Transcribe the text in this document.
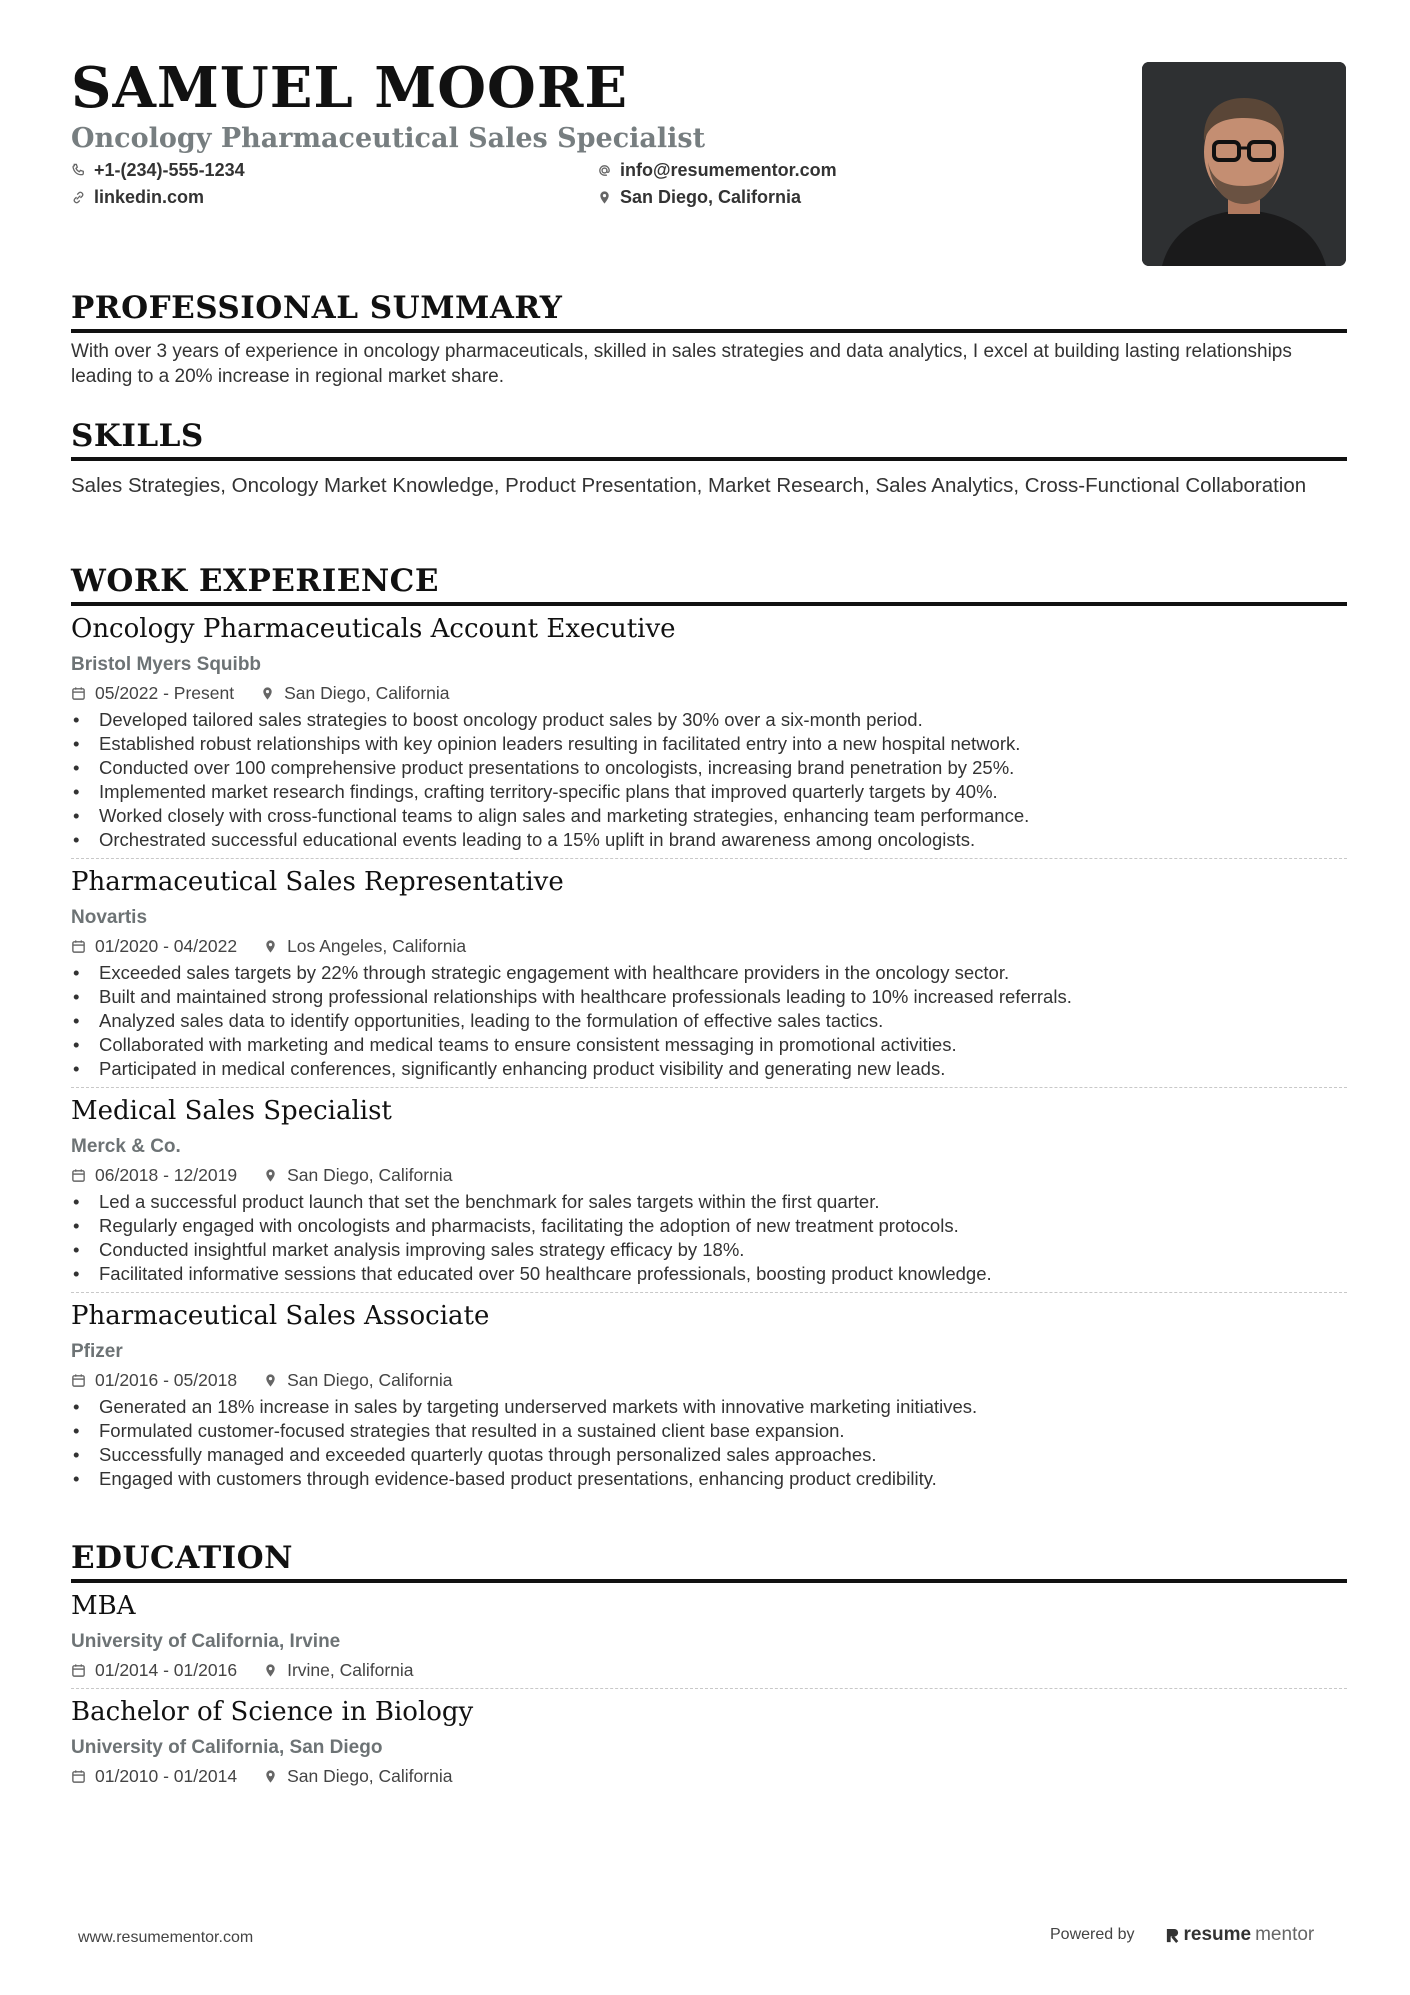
SAMUEL MOORE
Oncology Pharmaceutical Sales Specialist
+1-(234)-555-1234
linkedin.com
info@resumementor.com
San Diego, California
PROFESSIONAL SUMMARY

With over 3 years of experience in oncology pharmaceuticals, skilled in sales strategies and data analytics, I excel at building lasting relationships leading to a 20% increase in regional market share.

SKILLS

Sales Strategies, Oncology Market Knowledge, Product Presentation, Market Research, Sales Analytics, Cross-Functional Collaboration

WORK EXPERIENCE
Oncology Pharmaceuticals Account Executive
Bristol Myers Squibb
05/2022 - Present	San Diego, California
• Developed tailored sales strategies to boost oncology product sales by 30% over a six-month period.
• Established robust relationships with key opinion leaders resulting in facilitated entry into a new hospital network.
• Conducted over 100 comprehensive product presentations to oncologists, increasing brand penetration by 25%.
• Implemented market research findings, crafting territory-specific plans that improved quarterly targets by 40%.
• Worked closely with cross-functional teams to align sales and marketing strategies, enhancing team performance.
• Orchestrated successful educational events leading to a 15% uplift in brand awareness among oncologists.
Pharmaceutical Sales Representative
Novartis
01/2020 - 04/2022	Los Angeles, California
• Exceeded sales targets by 22% through strategic engagement with healthcare providers in the oncology sector.
• Built and maintained strong professional relationships with healthcare professionals leading to 10% increased referrals.
• Analyzed sales data to identify opportunities, leading to the formulation of effective sales tactics.
• Collaborated with marketing and medical teams to ensure consistent messaging in promotional activities.
• Participated in medical conferences, significantly enhancing product visibility and generating new leads.
Medical Sales Specialist
Merck & Co.
06/2018 - 12/2019	San Diego, California
• Led a successful product launch that set the benchmark for sales targets within the first quarter.
• Regularly engaged with oncologists and pharmacists, facilitating the adoption of new treatment protocols.
• Conducted insightful market analysis improving sales strategy efficacy by 18%.
• Facilitated informative sessions that educated over 50 healthcare professionals, boosting product knowledge.
Pharmaceutical Sales Associate
Pfizer
01/2016 - 05/2018	San Diego, California
• Generated an 18% increase in sales by targeting underserved markets with innovative marketing initiatives.
• Formulated customer-focused strategies that resulted in a sustained client base expansion.
• Successfully managed and exceeded quarterly quotas through personalized sales approaches.
• Engaged with customers through evidence-based product presentations, enhancing product credibility.
EDUCATION
MBA
University of California, Irvine
01/2014 - 01/2016	Irvine, California
Bachelor of Science in Biology
University of California, San Diego
01/2010 - 01/2014	San Diego, California
www.resumementor.com	Powered by	resume mentor
